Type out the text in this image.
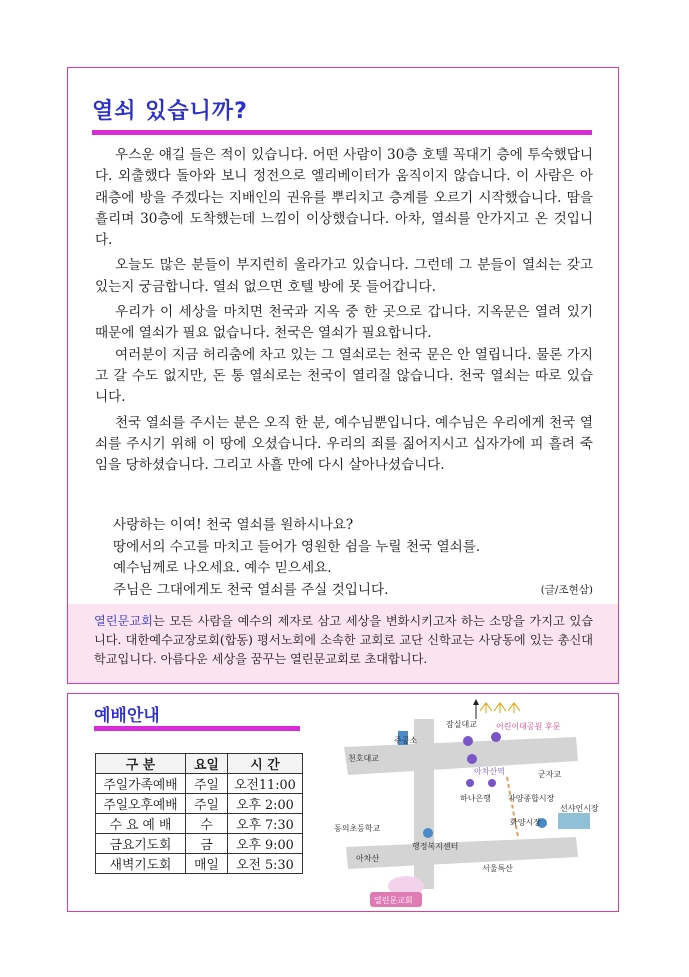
열쇠 있습니까?

우스운 얘길 들은 적이 있습니다. 어떤 사람이 30층 호텔 꼭대기 층에 투숙했답니다. 외출했다 돌아와 보니 정전으로 엘리베이터가 움직이지 않습니다. 이 사람은 아래층에 방을 주겠다는 지배인의 권유를 뿌리치고 층계를 오르기 시작했습니다. 땀을 흘리며 30층에 도착했는데 느낌이 이상했습니다. 아차, 열쇠를 안가지고 온 것입니다.

오늘도 많은 분들이 부지런히 올라가고 있습니다. 그런데 그 분들이 열쇠는 갖고 있는지 궁금합니다. 열쇠 없으면 호텔 방에 못 들어갑니다.

우리가 이 세상을 마치면 천국과 지옥 중 한 곳으로 갑니다. 지옥문은 열려 있기 때문에 열쇠가 필요 없습니다. 천국은 열쇠가 필요합니다.

여러분이 지금 허리춤에 차고 있는 그 열쇠로는 천국 문은 안 열립니다. 물론 가지고 갈 수도 없지만, 돈 통 열쇠로는 천국이 열리질 않습니다. 천국 열쇠는 따로 있습니다.

천국 열쇠를 주시는 분은 오직 한 분, 예수님뿐입니다. 예수님은 우리에게 천국 열쇠를 주시기 위해 이 땅에 오셨습니다. 우리의 죄를 짊어지시고 십자가에 피 흘려 죽임을 당하셨습니다. 그리고 사흘 만에 다시 살아나셨습니다.

사랑하는 이여! 천국 열쇠를 원하시나요?
땅에서의 수고를 마치고 들어가 영원한 쉼을 누릴 천국 열쇠를.
예수님께로 나오세요. 예수 믿으세요.
주님은 그대에게도 천국 열쇠를 주실 것입니다.	(글/조현삼)
열린문교회는 모든 사람을 예수의 제자로 삼고 세상을 변화시키고자 하는 소망을 가지고 있습니다. 대한예수교장로회(합동) 평서노회에 소속한 교회로 교단 신학교는 사당동에 있는 총신대학교입니다. 아름다운 세상을 꿈꾸는 열린문교회로 초대합니다.
예배안내
구 분	요일	시 간
주일가족예배	주일	오전11:00
주일오후예배	주일	오후 2:00
수 요 예 배	수	오후 7:30
금요기도회	금	오후 9:00
새벽기도회	매일	오전 5:30
잠실대교
주공소
어린이대공원 후문
천호대교
군자교
아차산역
하나은행 자양종합시장
선샤인시장
동의초등학교
화양시장
행정복지센터
아차산
서울특산
열린문교회
